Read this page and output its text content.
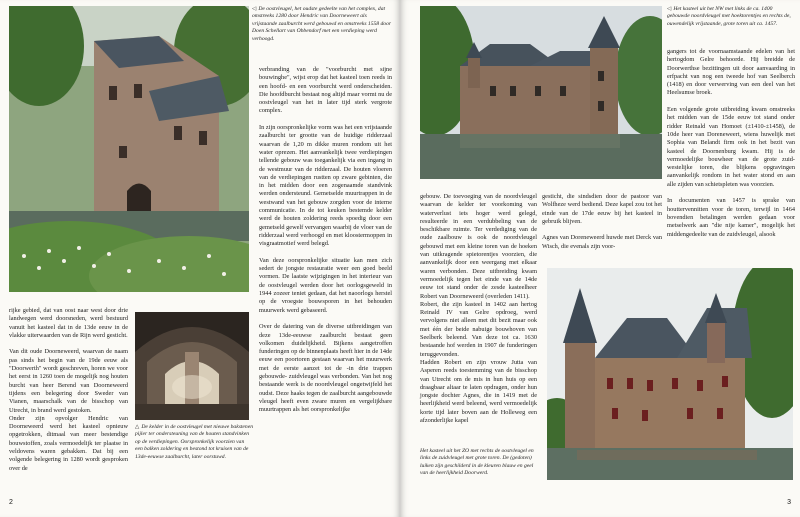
◁ De oostvleugel, het oudste gedeelte van het complex, dat omstreeks 1280 door Hendric van Doorneweert als vrijstaande zaalburcht werd gebouwd en omstreeks 1558 door Doen Schellart van Obbendorf met een verdieping werd verhoogd.

verbranding van de "voorburcht met sijne bouwinghe", wijst erop dat het kasteel toen reeds in een hoofd- en een voorburcht werd onderscheiden. Die hoofdburcht bestaat nog altijd maar vormt nu de oostvleugel van het in later tijd sterk vergrote complex.

In zijn oorspronkelijke vorm was het een vrijstaande zaalburcht ter grootte van de huidige ridderzaal waarvan de 1,20 m dikke muren rondom uit het water oprezen. Het aanvankelijk twee verdiepingen tellende gebouw was toegankelijk via een ingang in de westmuur van de ridderzaal. De houten vloeren van de verdiepingen rustten op zware gebinten, die in het midden door een zogenaamde standvink werden ondersteund. Gemetselde muurtrappen in de westwand van het gebouw zorgden voor de interne communicatie. In de tot keuken bestemde kelder werd de houten zoldering reeds spoedig door een gemetseld gewelf vervangen waarbij de vloer van de ridderzaal werd verhoogd en met kloostermoppen in visgraatmotief werd belegd.

Van deze oorspronkelijke situatie kan men zich sedert de jongste restauratie weer een goed beeld vormen. De laatste wijzigingen in het interieur van de oostvleugel werden door het oorlogsgeweld in 1944 zozeer teniet gedaan, dat het naoorlogs herstel op de vroegste bouwsporen in het behouden muurwerk werd gebaseerd.

Over de datering van de diverse uitbreidingen van deze 13de-eeuwse zaalburcht bestaat geen volkomen duidelijkheid. Bijkens aangetroffen funderingen op de binnenplaats heeft hier in de 14de eeuw een poortoren gestaan waarvan het muurwerk met de eerste aanzet tot de -in drie trappen gebouwde- zuidvleugel was verbonden. Van het nog bestaande werk is de noordvleugel ongetwijfeld het oudst. Deze haaks tegen de zaalburcht aangebouwde vleugel heeft even zware muren en vergelijkbare muurtrappen als het oorspronkelijke

rijke gebied, dat van oost naar west door drie landwegen werd doorsneden, werd bestuurd vanuit het kasteel dat in de 13de eeuw in de vlakke uiterwaarden van de Rijn werd gesticht.

Van dit oude Doorneweerd, waarvan de naam pas sinds het begin van de 19de eeuw als "Doorwerth" wordt geschreven, horen we voor het eerst in 1260 toen de mogelijk nog houten burcht van heer Berend van Doorneweerd tijdens een belegering door Sweder van Vianen, maarschalk van de bisschop van Utrecht, in brand werd gestoken.

Onder zijn opvolger Hendric van Doorneweerd werd het kasteel opnieuw opgetrokken, ditmaal van meer bestendige bouwstoffen, zoals vermoedelijk ter plaatse in veldovens waren gebakken. Dat bij een volgende belegering in 1280 wordt gesproken over de

△ De kelder in de oostvleugel met nieuwe bakstenen pijler ter ondersteuning van de houten standvinken op de verdiepingen. Oorspronkelijk voorzien van een balken zoldering en bestond tot kruisen van de 13de-eeuwse zaalburcht, later oorstuwd.
2
◁ Het kasteel uit het NW met links de ca. 1400 gebouwde noordvleugel met hoektorentjes en rechts de, ouwendelijk vrijstaande, grote toren uit ca. 1457.

gangers tot de voornaamstaande edelen van het hertogdom Gelre behoorde. Hij breidde de Doorwerthse bezittingen uit door aanvaarding in erfpacht van nog een tweede hof van Seelberch (1418) en door verwerving van een deel van het Heelsumse broek.

Een volgende grote uitbreiding kwam omstreeks het midden van de 15de eeuw tot stand onder ridder Reinald van Homoet (±1410-±1458), de 10de heer van Doreneweert, wiens huwelijk met Sophia van Belandt firm ook in het bezit van kasteel de Doornenburg kwam. Hij is de vermoedelijke bouwheer van de grote zuid-westelijke toren, die blijkens opgravingen aanvankelijk rondom in het water stond en aan alle zijden van schietspleten was voorzien.

In documenten van 1457 is sprake van houttervennitten voor de toren, terwijl in 1464 bovendien betalingen werden gedaan voor metselwerk aan "die nije kamer", mogelijk het middengedeelte van de zuidvleugel, alsook

gebouw. De toevoeging van de noordvleugel waarvan de kelder ter voorkoming van waterverlust iets hoger werd gelegd, resulteerde in een verdubbeling van de beschikbare ruimte. Ter verdediging van de oude zaalbouw is ook de noordvleugel gebouwd met een kleine toren van de hoeken van uitkragende spietorentjes voorzien, die aanvankelijk door een weergang met elkaar waren verbonden. Deze uitbreiding kwam vermoedelijk tegen het einde van de 14de eeuw tot stand onder de zesde kasteelheer Robert van Doorneweerd (overleden 1411).

Robert, die zijn kasteel in 1402 aan hertog Reinald IV van Gelre opdroeg, werd vervolgens niet alleen met dit bezit maar ook met één der beide nabuige bouwhoven van Seelberk beleend. Van deze tot ca. 1630 bestaande hof werden in 1907 de funderingen teruggevonden.

Hadden Robert en zijn vrouw Jutta van Asperen reeds toestemming van de bisschop van Utrecht om de mis in hun huis op een draagbaar altaar te laten opdragen, onder hun jongste dochter Agnes, die in 1419 met de heerlijkheid werd beleend, werd vermoedelijk korte tijd later boven aan de Holleweg een afzonderlijke kapel

gesticht, die sindsdien door de pastoor van Wolfheze werd bediend. Deze kapel zou tot het einde van de 17de eeuw bij het kasteel in gebruik blijven.

Agnes van Doreneweerd huwde met Derck van Wisch, die evenals zijn voor-

Het kasteel uit het ZO met rechts de oostvleugel en links de zuidvleugel met grote toren. De (gedoten) luiken zijn geschilderd in de kleuren blauw en geel van de heerlijkheid Doorwerd.
3
